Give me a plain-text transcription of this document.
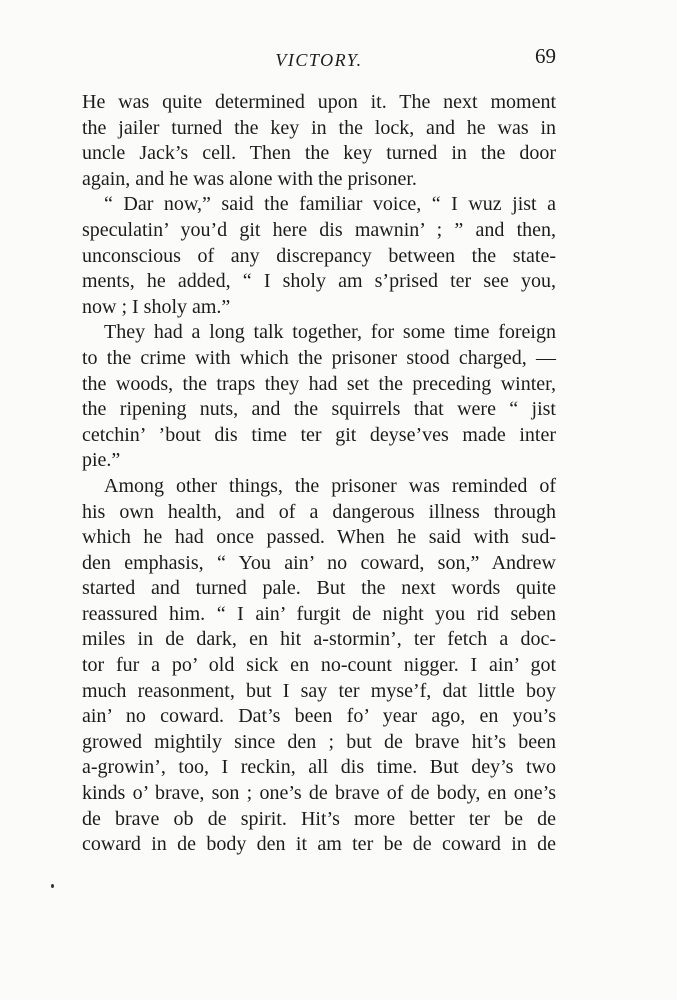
VICTORY.	69
He was quite determined upon it. The next moment
the jailer turned the key in the lock, and he was in
uncle Jack’s cell. Then the key turned in the door
again, and he was alone with the prisoner.
“ Dar now,” said the familiar voice, “ I wuz jist a
speculatin’ you’d git here dis mawnin’ ; ” and then,
unconscious of any discrepancy between the state-
ments, he added, “ I sholy am s’prised ter see you,
now ; I sholy am.”
They had a long talk together, for some time foreign
to the crime with which the prisoner stood charged, —
the woods, the traps they had set the preceding winter,
the ripening nuts, and the squirrels that were “ jist
cetchin’ ’bout dis time ter git deyse’ves made inter
pie.”
Among other things, the prisoner was reminded of
his own health, and of a dangerous illness through
which he had once passed. When he said with sud-
den emphasis, “ You ain’ no coward, son,” Andrew
started and turned pale. But the next words quite
reassured him. “ I ain’ furgit de night you rid seben
miles in de dark, en hit a-stormin’, ter fetch a doc-
tor fur a po’ old sick en no-count nigger. I ain’ got
much reasonment, but I say ter myse’f, dat little boy
ain’ no coward. Dat’s been fo’ year ago, en you’s
growed mightily since den ; but de brave hit’s been
a-growin’, too, I reckin, all dis time. But dey’s two
kinds o’ brave, son ; one’s de brave of de body, en one’s
de brave ob de spirit. Hit’s more better ter be de
coward in de body den it am ter be de coward in de
